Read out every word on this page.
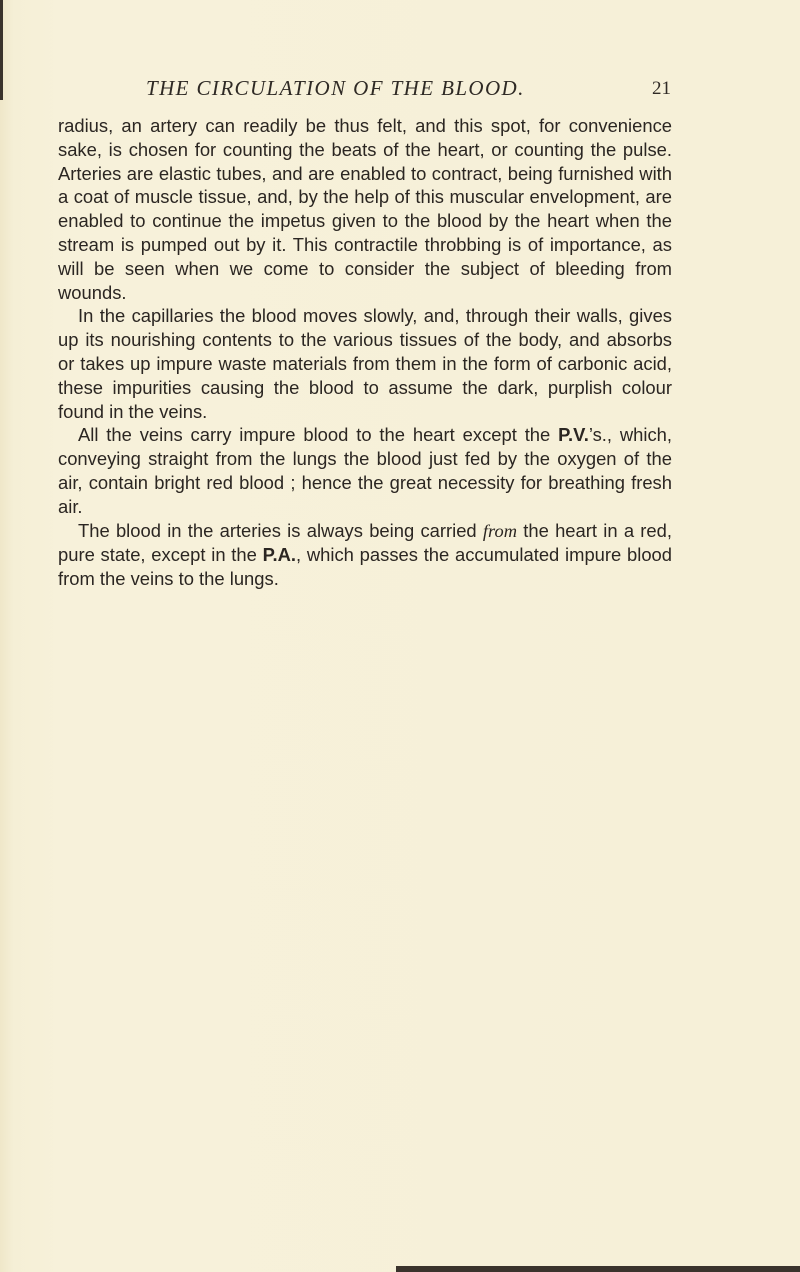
THE CIRCULATION OF THE BLOOD.	21

radius, an artery can readily be thus felt, and this spot, for convenience sake, is chosen for counting the beats of the heart, or counting the pulse. Arteries are elastic tubes, and are enabled to contract, being furnished with a coat of muscle tissue, and, by the help of this muscular envelopment, are enabled to continue the impetus given to the blood by the heart when the stream is pumped out by it. This contractile throbbing is of importance, as will be seen when we come to consider the subject of bleeding from wounds.

In the capillaries the blood moves slowly, and, through their walls, gives up its nourishing contents to the various tissues of the body, and absorbs or takes up impure waste materials from them in the form of carbonic acid, these impurities causing the blood to assume the dark, purplish colour found in the veins.

All the veins carry impure blood to the heart except the P.V.’s., which, conveying straight from the lungs the blood just fed by the oxygen of the air, contain bright red blood ; hence the great necessity for breathing fresh air.

The blood in the arteries is always being carried from the heart in a red, pure state, except in the P.A., which passes the accumulated impure blood from the veins to the lungs.
